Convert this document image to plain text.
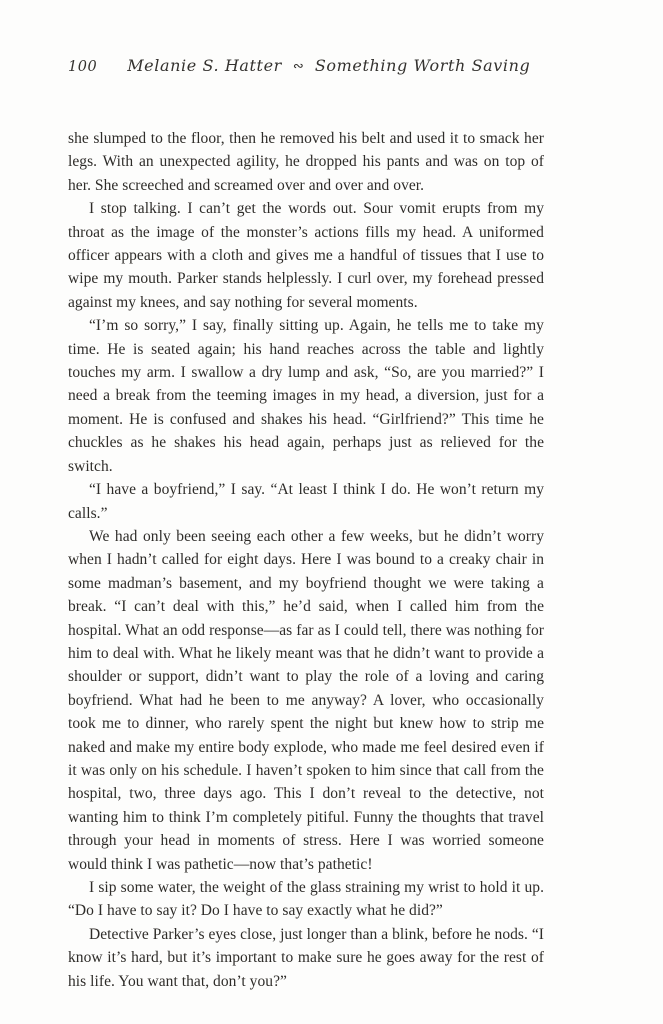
100 Melanie S. Hatter ∾ Something Worth Saving

she slumped to the floor, then he removed his belt and used it to smack her legs. With an unexpected agility, he dropped his pants and was on top of her. She screeched and screamed over and over and over.

I stop talking. I can’t get the words out. Sour vomit erupts from my throat as the image of the monster’s actions fills my head. A uniformed officer appears with a cloth and gives me a handful of tissues that I use to wipe my mouth. Parker stands helplessly. I curl over, my forehead pressed against my knees, and say nothing for several moments.

“I’m so sorry,” I say, finally sitting up. Again, he tells me to take my time. He is seated again; his hand reaches across the table and lightly touches my arm. I swallow a dry lump and ask, “So, are you married?” I need a break from the teeming images in my head, a diversion, just for a moment. He is confused and shakes his head. “Girlfriend?” This time he chuckles as he shakes his head again, perhaps just as relieved for the switch.

“I have a boyfriend,” I say. “At least I think I do. He won’t return my calls.”

We had only been seeing each other a few weeks, but he didn’t worry when I hadn’t called for eight days. Here I was bound to a creaky chair in some madman’s basement, and my boyfriend thought we were taking a break. “I can’t deal with this,” he’d said, when I called him from the hospital. What an odd response—as far as I could tell, there was nothing for him to deal with. What he likely meant was that he didn’t want to provide a shoulder or support, didn’t want to play the role of a loving and caring boyfriend. What had he been to me anyway? A lover, who occasionally took me to dinner, who rarely spent the night but knew how to strip me naked and make my entire body explode, who made me feel desired even if it was only on his schedule. I haven’t spoken to him since that call from the hospital, two, three days ago. This I don’t reveal to the detective, not wanting him to think I’m completely pitiful. Funny the thoughts that travel through your head in moments of stress. Here I was worried someone would think I was pathetic—now that’s pathetic!

I sip some water, the weight of the glass straining my wrist to hold it up. “Do I have to say it? Do I have to say exactly what he did?”

Detective Parker’s eyes close, just longer than a blink, before he nods. “I know it’s hard, but it’s important to make sure he goes away for the rest of his life. You want that, don’t you?”
